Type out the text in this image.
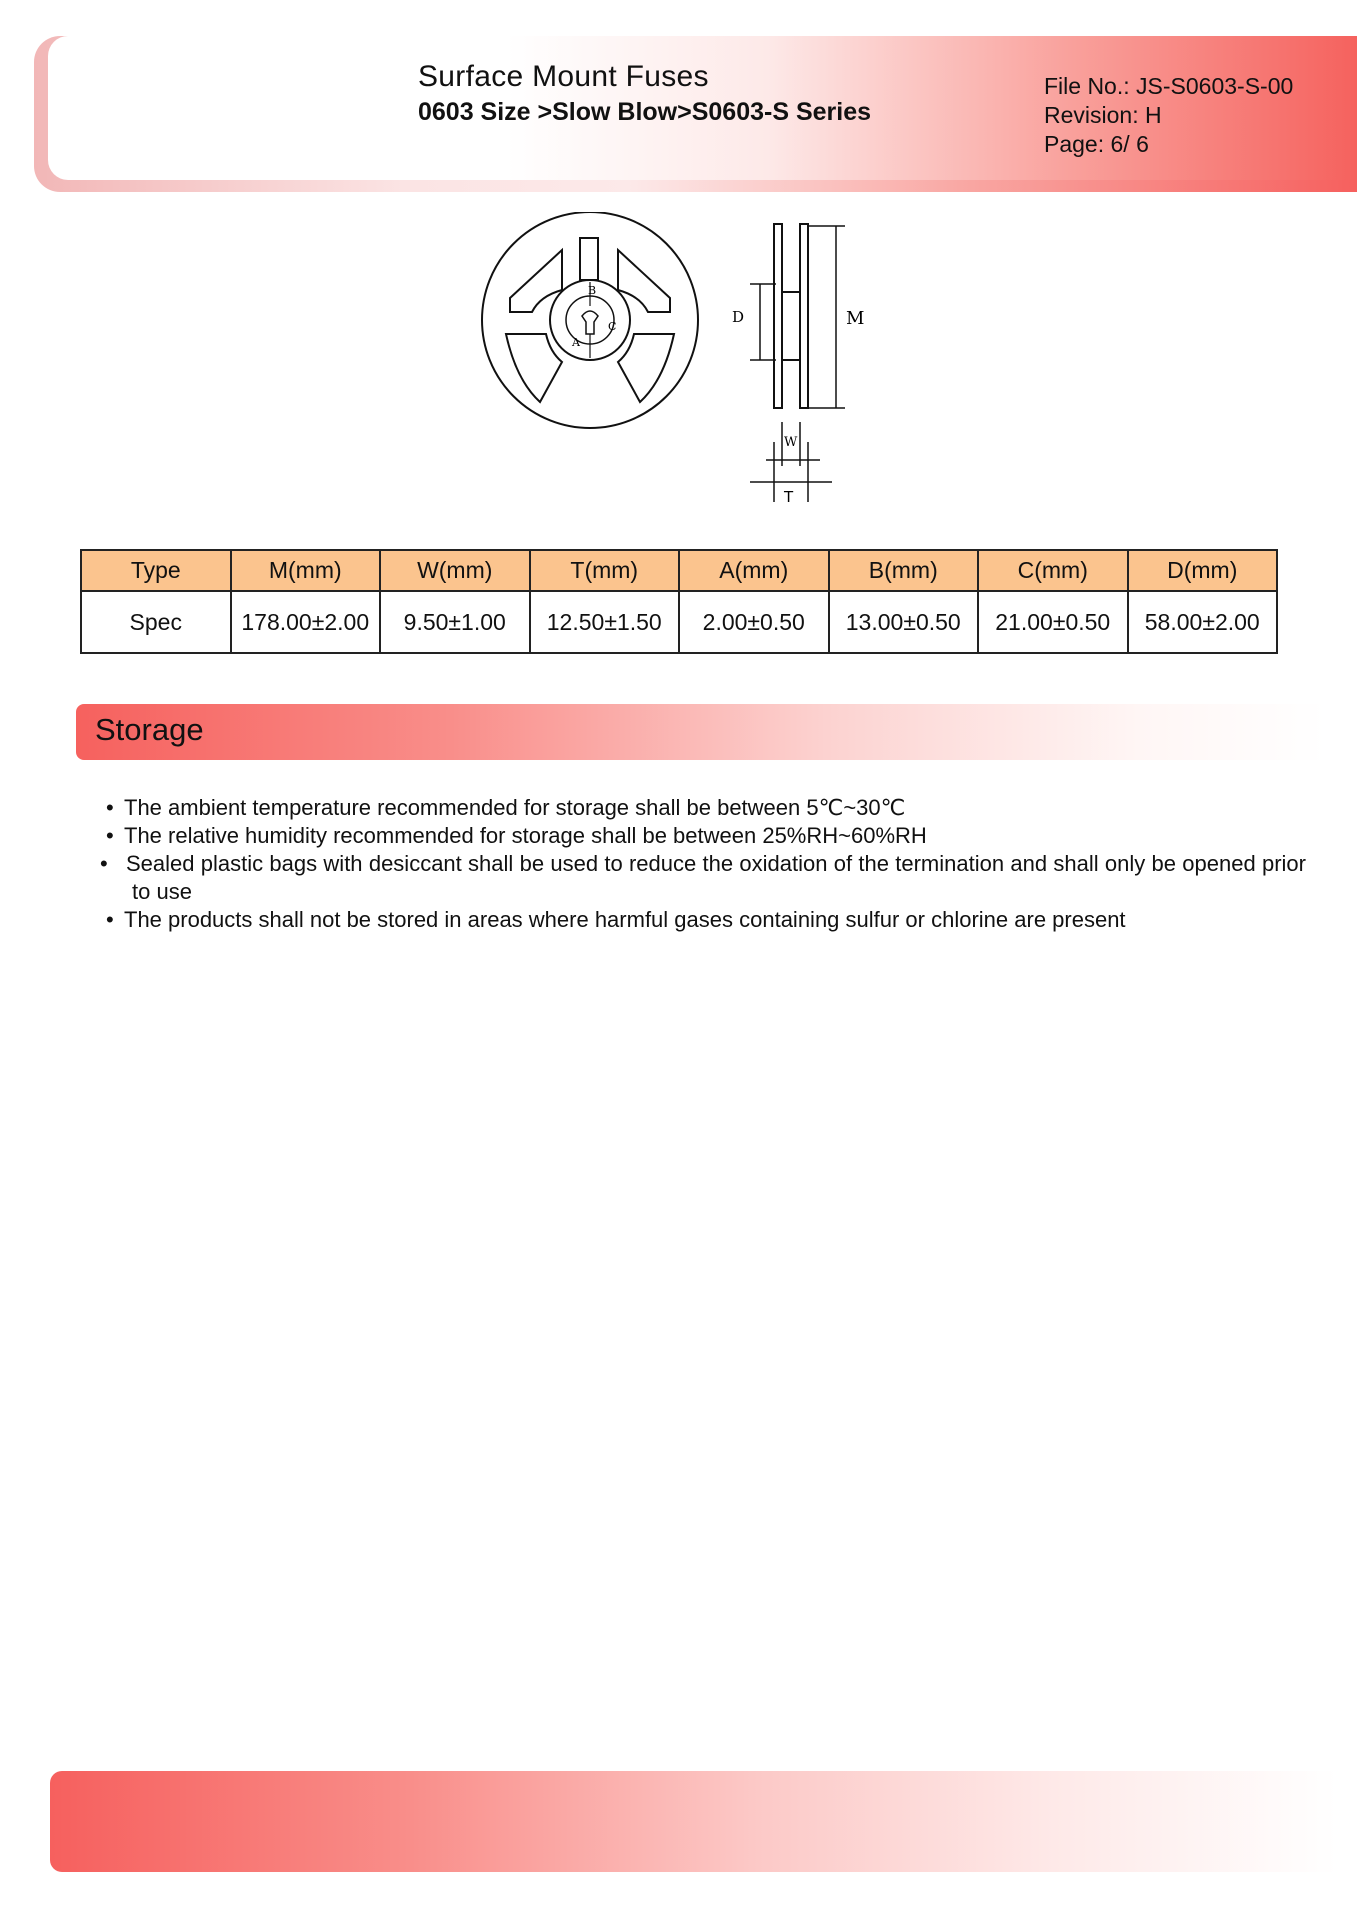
Surface Mount Fuses
0603 Size >Slow Blow>S0603-S Series
File No.: JS-S0603-S-00
Revision: H
Page: 6/ 6
B
C
A
D	M
W
T
Type	M(mm)	W(mm)	T(mm)	A(mm)	B(mm)	C(mm)	D(mm)
Spec	178.00±2.00	9.50±1.00	12.50±1.50	2.00±0.50	13.00±0.50	21.00±0.50	58.00±2.00
Storage
• The ambient temperature recommended for storage shall be between 5℃~30℃
• The relative humidity recommended for storage shall be between 25%RH~60%RH
• Sealed plastic bags with desiccant shall be used to reduce the oxidation of the termination and shall only be opened prior to use
• The products shall not be stored in areas where harmful gases containing sulfur or chlorine are present
